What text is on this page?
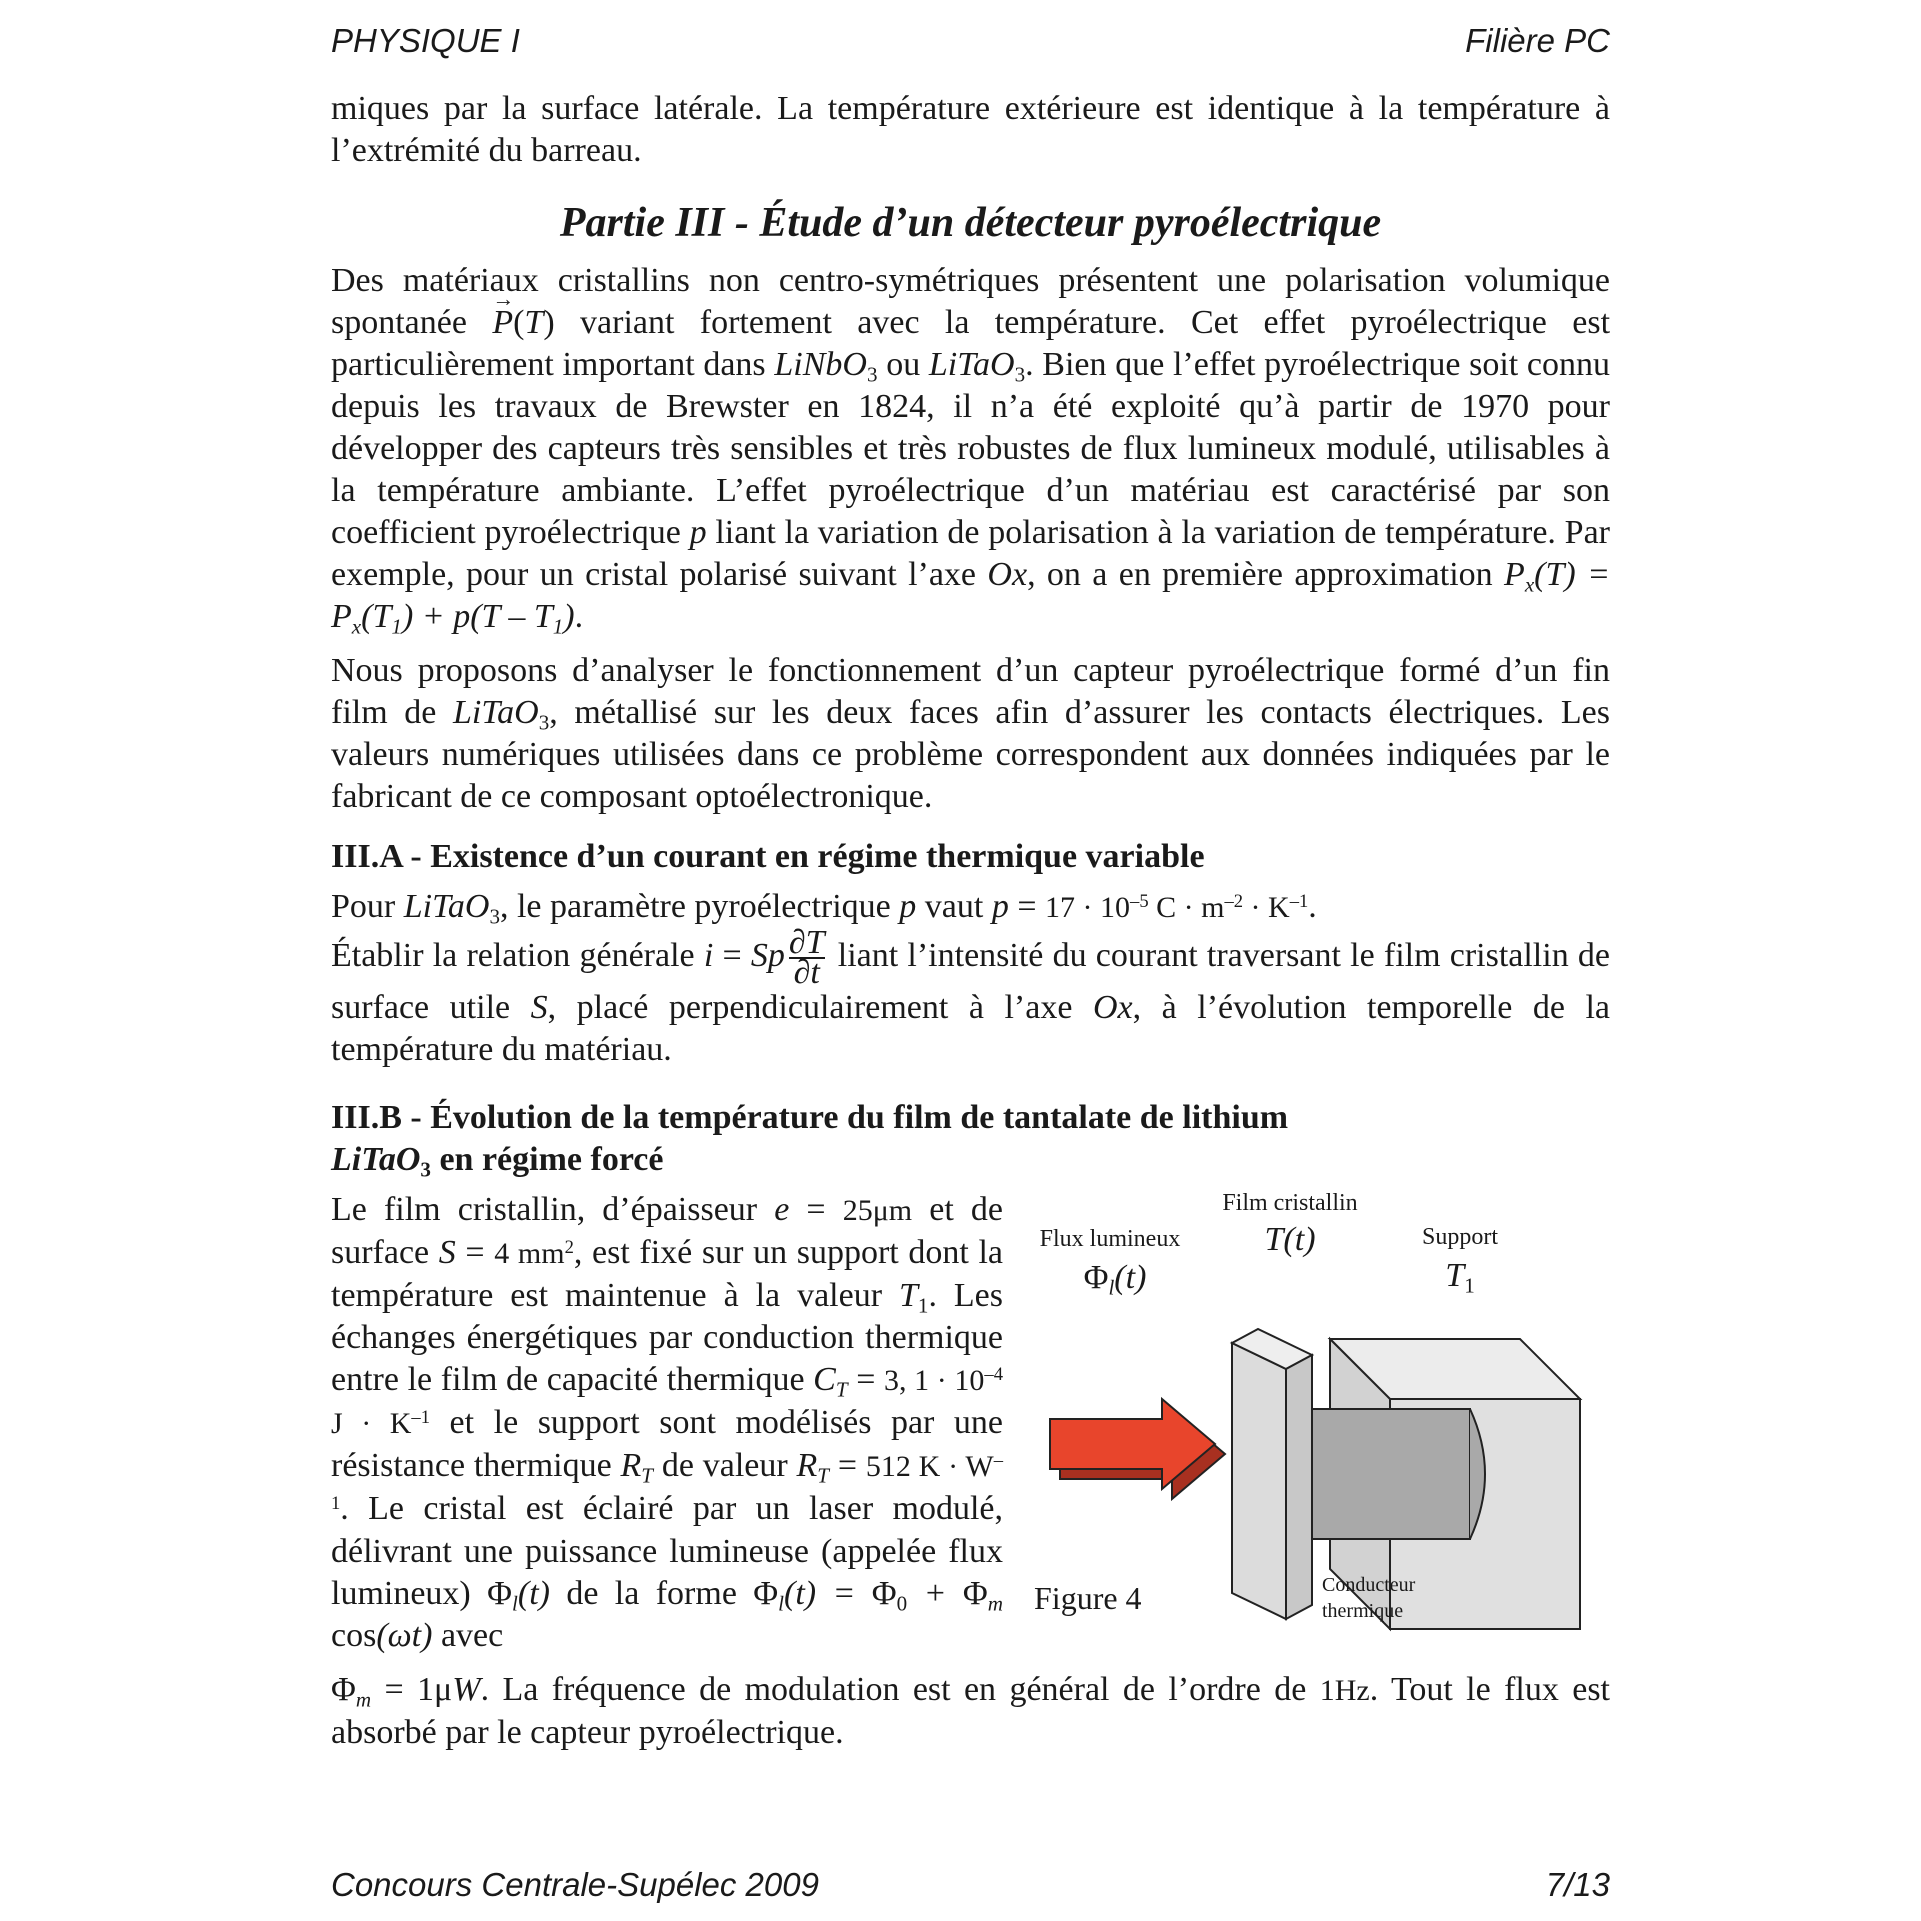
PHYSIQUE I	Filière PC

miques par la surface latérale. La température extérieure est identique à la température à l’extrémité du barreau.

Partie III - Étude d’un détecteur pyroélectrique

Des matériaux cristallins non centro-symétriques présentent une polarisation volumique spontanée → P(T) variant fortement avec la température. Cet effet pyroélectrique est particulièrement important dans LiNbO$_3$ ou LiTaO$_3$. Bien que l’effet pyroélectrique soit connu depuis les travaux de Brewster en 1824, il n’a été exploité qu’à partir de 1970 pour développer des capteurs très sensibles et très robustes de flux lumineux modulé, utilisables à la température ambiante. L’effet pyroélectrique d’un matériau est caractérisé par son coefficient pyroélectrique p liant la variation de polarisation à la variation de température. Par exemple, pour un cristal polarisé suivant l’axe Ox, on a en première approximation $P_x(T) = P_x(T_1) + p(T - T_1)$.

Nous proposons d’analyser le fonctionnement d’un capteur pyroélectrique formé d’un fin film de LiTaO$_3$, métallisé sur les deux faces afin d’assurer les contacts électriques. Les valeurs numériques utilisées dans ce problème correspondent aux données indiquées par le fabricant de ce composant optoélectronique.

III.A - Existence d’un courant en régime thermique variable

Pour LiTaO$_3$, le paramètre pyroélectrique p vaut $p = 17 \cdot 10^{-5}$ $C \cdot m^{-2} \cdot K^{-1}$.

Établir la relation générale i = Sp $\frac{\partial T}{\partial t}$ liant l’intensité du courant traversant le film cristallin de surface utile S, placé perpendiculairement à l’axe Ox, à l’évolution temporelle de la température du matériau.

III.B - Évolution de la température du film de tantalate de lithium
LiTaO$_3$ en régime forcé

Le film cristallin, d’épaisseur e = 25μm et de surface S = 4 $mm^2$, est fixé sur un support dont la température est maintenue à la valeur $T_1$. Les échanges énergétiques par conduction thermique entre le film de capacité thermique $C_T = 3$, $1 \cdot 10^{-4}$ $J \cdot K^{-1}$ et le support sont modélisés par une résistance thermique $R_T$ de valeur $R_T = 512$ $K \cdot W^{-1}$. Le cristal est éclairé par un laser modulé, délivrant une puissance lumineuse (appelée flux lumineux) $\Phi_l(t)$ de la forme $\Phi_l(t) = \Phi_0 + \Phi_m$ cos(ωt) avec

Flux lumineux
$\Phi_l(t)$
Film cristallin
T(t)	Support
$T_1$
Conducteur
thermique
Figure 4

$\Phi_m = 1\mu W$. La fréquence de modulation est en général de l’ordre de 1Hz. Tout le flux est absorbé par le capteur pyroélectrique.

Concours Centrale-Supélec 2009	7/13
